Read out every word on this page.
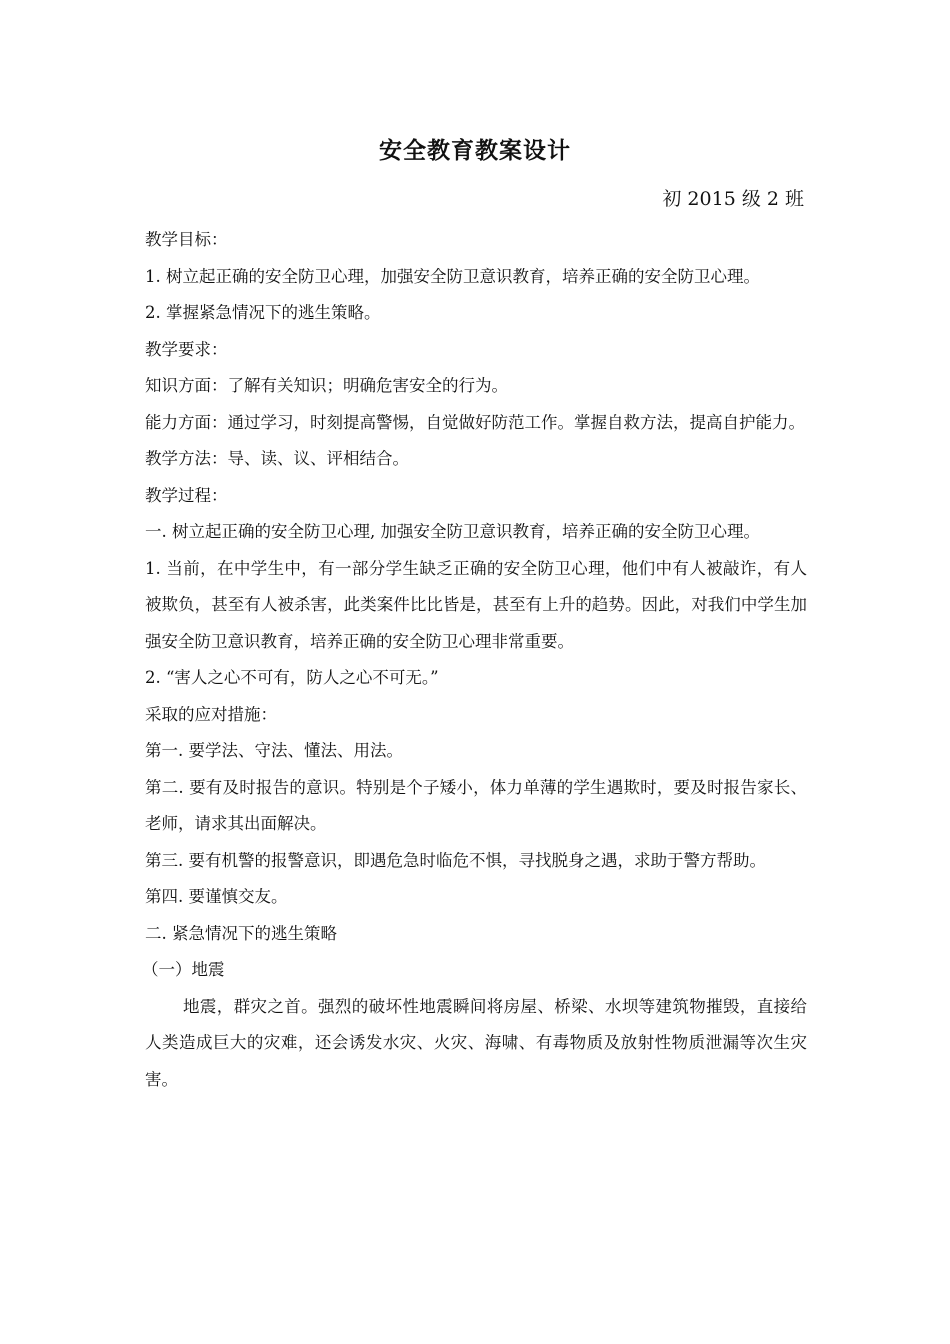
安全教育教案设计
初 2015 级 2 班

教学目标：

1. 树立起正确的安全防卫心理，加强安全防卫意识教育，培养正确的安全防卫心理。

2. 掌握紧急情况下的逃生策略。

教学要求：

知识方面：了解有关知识；明确危害安全的行为。

能力方面：通过学习，时刻提高警惕，自觉做好防范工作。掌握自救方法，提高自护能力。

教学方法：导、读、议、评相结合。

教学过程：

一. 树立起正确的安全防卫心理, 加强安全防卫意识教育，培养正确的安全防卫心理。

1. 当前，在中学生中，有一部分学生缺乏正确的安全防卫心理，他们中有人被敲诈，有人被欺负，甚至有人被杀害，此类案件比比皆是，甚至有上升的趋势。因此，对我们中学生加强安全防卫意识教育，培养正确的安全防卫心理非常重要。

2. “害人之心不可有，防人之心不可无。”

采取的应对措施：

第一. 要学法、守法、懂法、用法。

第二. 要有及时报告的意识。特别是个子矮小，体力单薄的学生遇欺时，要及时报告家长、老师，请求其出面解决。

第三. 要有机警的报警意识，即遇危急时临危不惧，寻找脱身之遇，求助于警方帮助。

第四. 要谨慎交友。

二. 紧急情况下的逃生策略

（一）地震

地震，群灾之首。强烈的破坏性地震瞬间将房屋、桥梁、水坝等建筑物摧毁，直接给人类造成巨大的灾难，还会诱发水灾、火灾、海啸、有毒物质及放射性物质泄漏等次生灾害。
